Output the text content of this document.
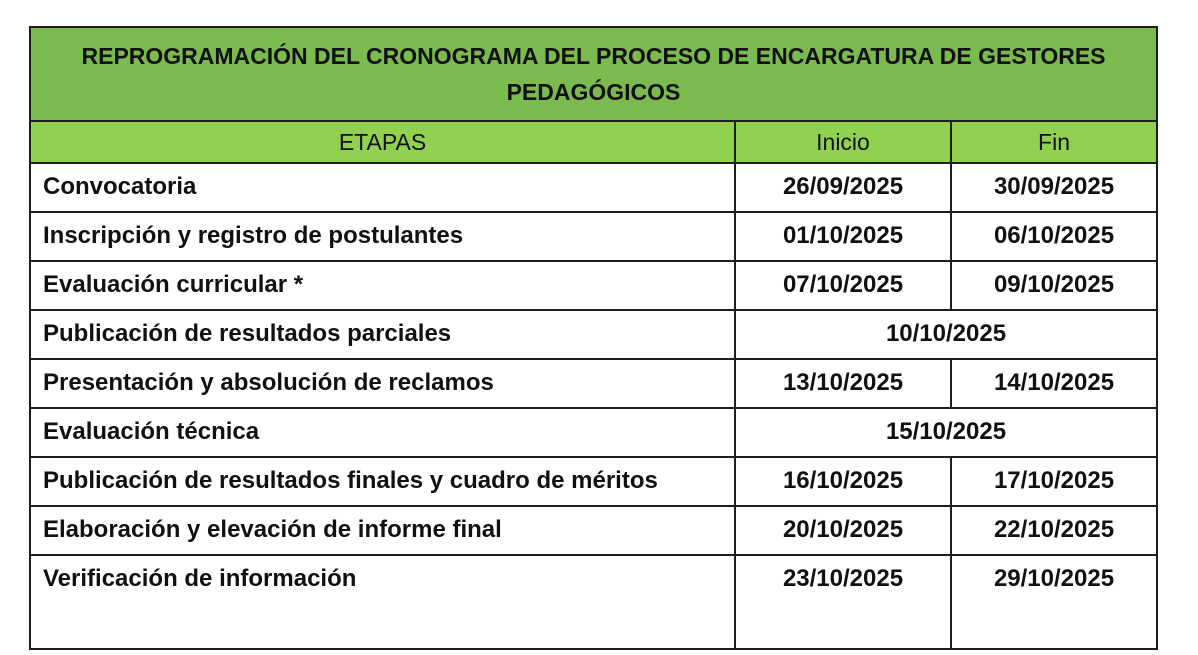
REPROGRAMACIÓN DEL CRONOGRAMA DEL PROCESO DE ENCARGATURA DE GESTORES PEDAGÓGICOS		
ETAPAS	Inicio	Fin
Convocatoria	26/09/2025	30/09/2025
Inscripción y registro de postulantes	01/10/2025	06/10/2025
Evaluación curricular *	07/10/2025	09/10/2025
Publicación de resultados parciales	10/10/2025	
Presentación y absolución de reclamos	13/10/2025	14/10/2025
Evaluación técnica	15/10/2025	
Publicación de resultados finales y cuadro de méritos	16/10/2025	17/10/2025
Elaboración y elevación de informe final	20/10/2025	22/10/2025
Verificación de información	23/10/2025	29/10/2025
